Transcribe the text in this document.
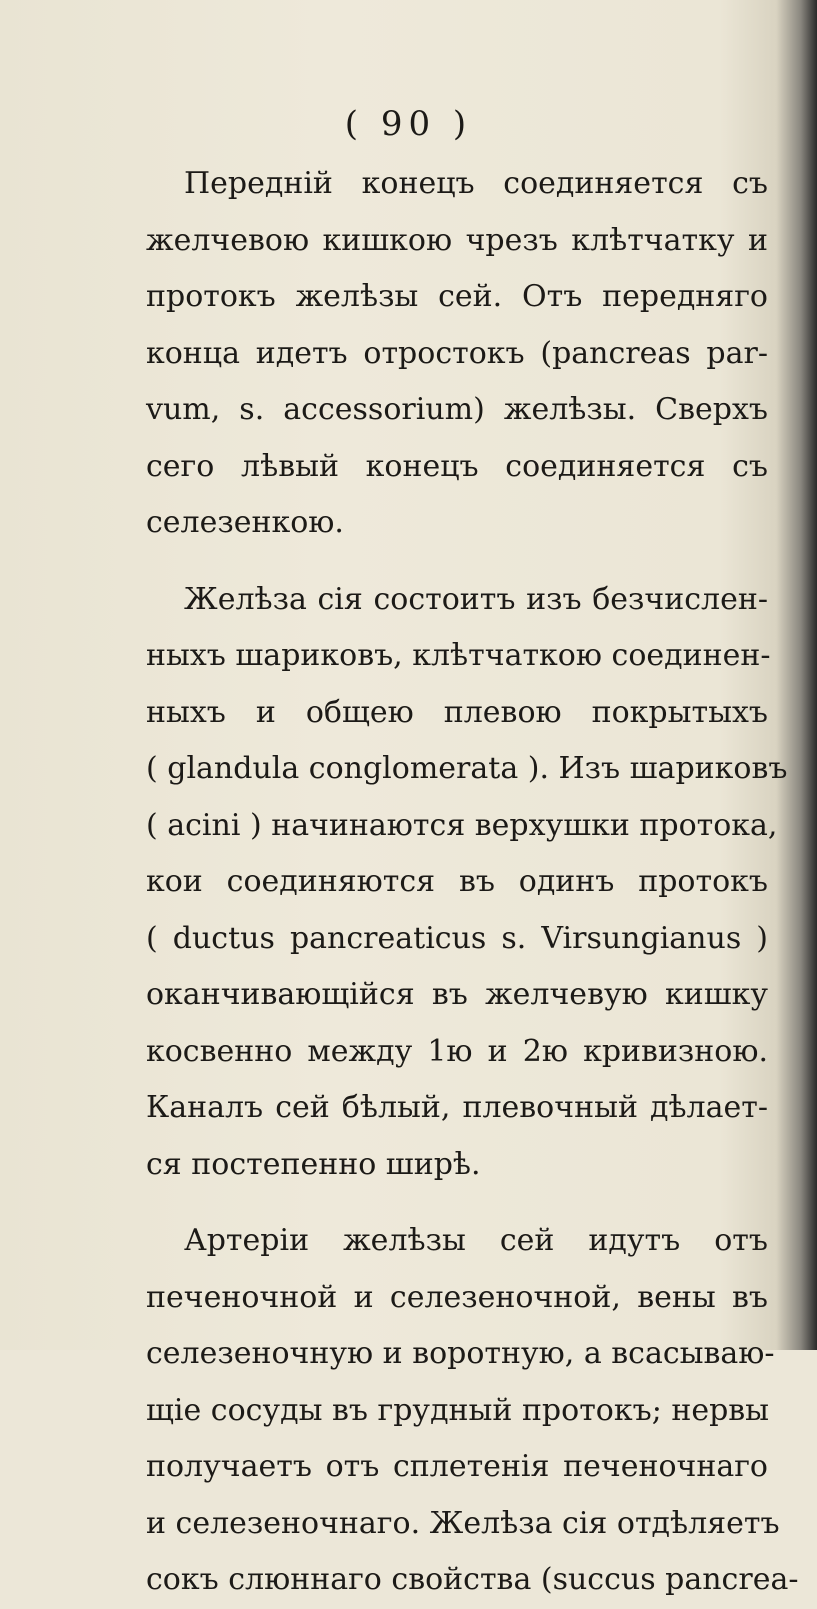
( 90 )
Переднiй конецъ соединяется съ
желчевою кишкою чрезъ клѣтчатку и
протокъ желѣзы сей. Отъ передняго
конца идетъ отростокъ (pancreas par-
vum, s. accessorium) желѣзы. Сверхъ
сего лѣвый конецъ соединяется съ
селезенкою.
Желѣза сiя состоитъ изъ безчислен-
ныхъ шариковъ, клѣтчаткою соединен-
ныхъ и общею плевою покрытыхъ
( glandula conglomerata ). Изъ шариковъ
( acini ) начинаются верхушки протока,
кои соединяются въ одинъ протокъ
( ductus pancreaticus s. Virsungianus )
оканчивающiйся въ желчевую кишку
косвенно между 1ю и 2ю кривизною.
Каналъ сей бѣлый, плевочный дѣлает-
ся постепенно ширѣ.
Артерiи желѣзы сей идутъ отъ
печеночной и селезеночной, вены въ
селезеночную и воротную, а всасываю-
щiе сосуды въ грудный протокъ; нервы
получаетъ отъ сплетенiя печеночнаго
и селезеночнаго. Желѣза сiя отдѣляетъ
сокъ слюннаго свойства (succus pancrea-
